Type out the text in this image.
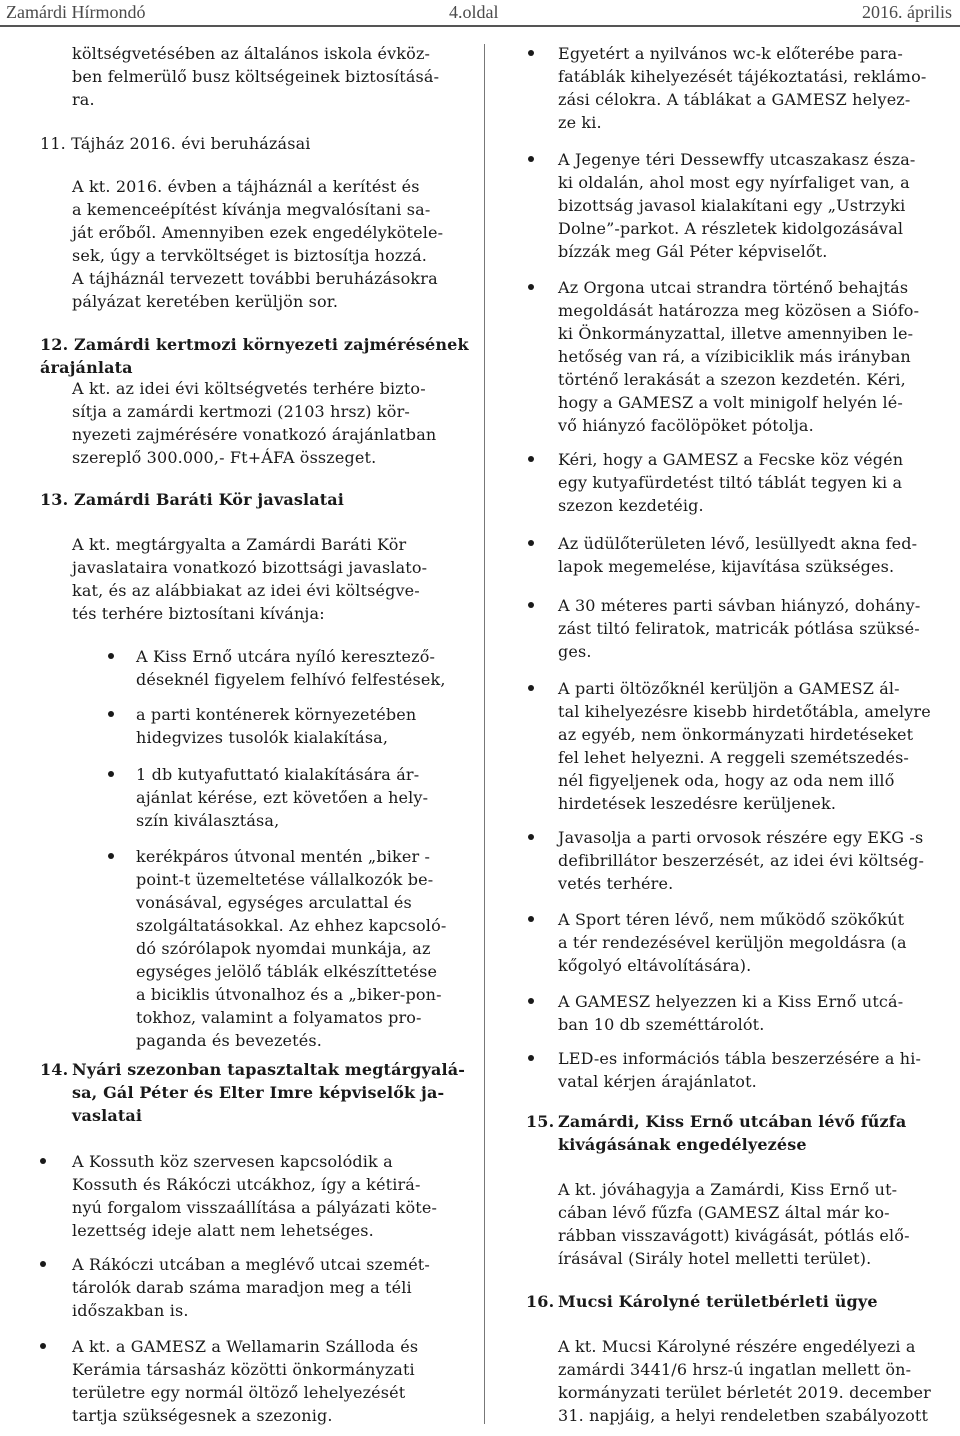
Zamárdi Hírmondó	4.oldal	2016. április
költségvetésében az általános iskola évköz-
ben felmerülő busz költségeinek biztosításá-
ra.
11. Tájház 2016. évi beruházásai
A kt. 2016. évben a tájháznál a kerítést és
a kemenceépítést kívánja megvalósítani sa-
ját erőből. Amennyiben ezek engedélykötele-
sek, úgy a tervköltséget is biztosítja hozzá.
A tájháznál tervezett további beruházásokra
pályázat keretében kerüljön sor.
12. Zamárdi kertmozi környezeti zajmérésének
árajánlata
A kt. az idei évi költségvetés terhére bizto-
sítja a zamárdi kertmozi (2103 hrsz) kör-
nyezeti zajmérésére vonatkozó árajánlatban
szereplő 300.000,- Ft+ÁFA összeget.
13. Zamárdi Baráti Kör javaslatai
A kt. megtárgyalta a Zamárdi Baráti Kör
javaslataira vonatkozó bizottsági javaslato-
kat, és az alábbiakat az idei évi költségve-
tés terhére biztosítani kívánja:
A Kiss Ernő utcára nyíló keresztező-
déseknél figyelem felhívó felfestések,
a parti konténerek környezetében
hidegvizes tusolók kialakítása,
1 db kutyafuttató kialakítására ár-
ajánlat kérése, ezt követően a hely-
szín kiválasztása,
kerékpáros útvonal mentén „biker -
point-t üzemeltetése vállalkozók be-
vonásával, egységes arculattal és
szolgáltatásokkal. Az ehhez kapcsoló-
dó szórólapok nyomdai munkája, az
egységes jelölő táblák elkészíttetése
a biciklis útvonalhoz és a „biker-pon-
tokhoz, valamint a folyamatos pro-
paganda és bevezetés.
14. Nyári szezonban tapasztaltak megtárgyalá-
sa, Gál Péter és Elter Imre képviselők ja-
vaslatai
A Kossuth köz szervesen kapcsolódik a
Kossuth és Rákóczi utcákhoz, így a kétirá-
nyú forgalom visszaállítása a pályázati köte-
lezettség ideje alatt nem lehetséges.
A Rákóczi utcában a meglévő utcai szemét-
tárolók darab száma maradjon meg a téli
időszakban is.
A kt. a GAMESZ a Wellamarin Szálloda és
Kerámia társasház közötti önkormányzati
területre egy normál öltöző lehelyezését
tartja szükségesnek a szezonig.
Egyetért a nyilvános wc-k előterébe para-
fatáblák kihelyezését tájékoztatási, reklámo-
zási célokra. A táblákat a GAMESZ helyez-
ze ki.
A Jegenye téri Dessewffy utcaszakasz észa-
ki oldalán, ahol most egy nyírfaliget van, a
bizottság javasol kialakítani egy „Ustrzyki
Dolne”-parkot. A részletek kidolgozásával
bízzák meg Gál Péter képviselőt.
Az Orgona utcai strandra történő behajtás
megoldását határozza meg közösen a Siófo-
ki Önkormányzattal, illetve amennyiben le-
hetőség van rá, a vízibiciklik más irányban
történő lerakását a szezon kezdetén. Kéri,
hogy a GAMESZ a volt minigolf helyén lé-
vő hiányzó facölöpöket pótolja.
Kéri, hogy a GAMESZ a Fecske köz végén
egy kutyafürdetést tiltó táblát tegyen ki a
szezon kezdetéig.
Az üdülőterületen lévő, lesüllyedt akna fed-
lapok megemelése, kijavítása szükséges.
A 30 méteres parti sávban hiányzó, dohány-
zást tiltó feliratok, matricák pótlása szüksé-
ges.
A parti öltözőknél kerüljön a GAMESZ ál-
tal kihelyezésre kisebb hirdetőtábla, amelyre
az egyéb, nem önkormányzati hirdetéseket
fel lehet helyezni. A reggeli szemétszedés-
nél figyeljenek oda, hogy az oda nem illő
hirdetések leszedésre kerüljenek.
Javasolja a parti orvosok részére egy EKG -s
defibrillátor beszerzését, az idei évi költség-
vetés terhére.
A Sport téren lévő, nem működő szökőkút
a tér rendezésével kerüljön megoldásra (a
kőgolyó eltávolítására).
A GAMESZ helyezzen ki a Kiss Ernő utcá-
ban 10 db szeméttárolót.
LED-es információs tábla beszerzésére a hi-
vatal kérjen árajánlatot.
15. Zamárdi, Kiss Ernő utcában lévő fűzfa
kivágásának engedélyezése
A kt. jóváhagyja a Zamárdi, Kiss Ernő ut-
cában lévő fűzfa (GAMESZ által már ko-
rábban visszavágott) kivágását, pótlás elő-
írásával (Sirály hotel melletti terület).
16. Mucsi Károlyné területbérleti ügye
A kt. Mucsi Károlyné részére engedélyezi a
zamárdi 3441/6 hrsz-ú ingatlan mellett ön-
kormányzati terület bérletét 2019. december
31. napjáig, a helyi rendeletben szabályozott
